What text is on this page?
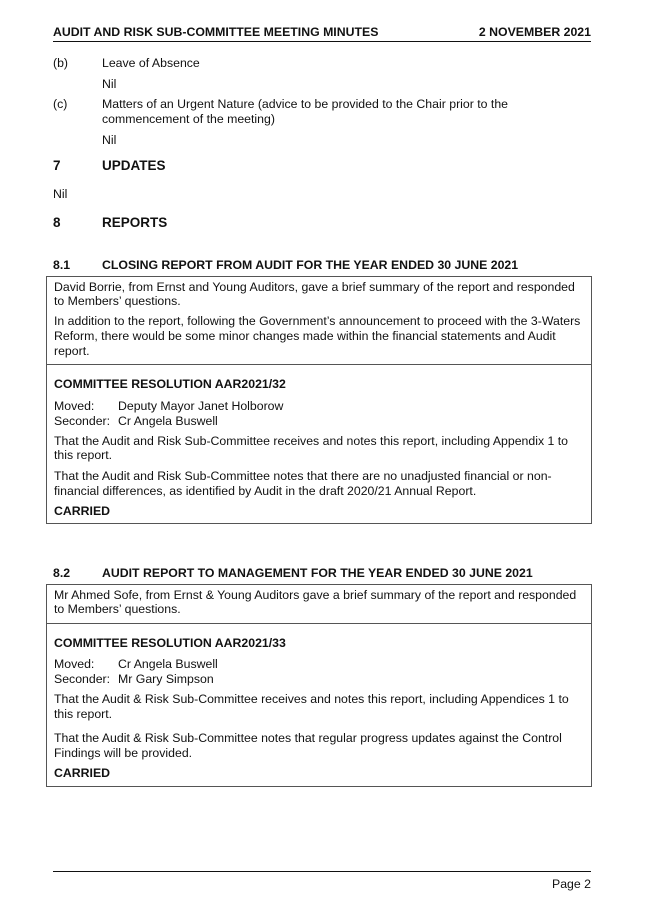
AUDIT AND RISK SUB-COMMITTEE MEETING MINUTES	2 NOVEMBER 2021
(b)	Leave of Absence
Nil
(c)	Matters of an Urgent Nature (advice to be provided to the Chair prior to the
commencement of the meeting)
Nil
7	UPDATES
Nil
8	REPORTS
8.1	CLOSING REPORT FROM AUDIT FOR THE YEAR ENDED 30 JUNE 2021
David Borrie, from Ernst and Young Auditors, gave a brief summary of the report and responded
to Members’ questions.
In addition to the report, following the Government’s announcement to proceed with the 3-Waters
Reform, there would be some minor changes made within the financial statements and Audit
report.
COMMITTEE RESOLUTION AAR2021/32
Moved: Deputy Mayor Janet Holborow
Seconder: Cr Angela Buswell
That the Audit and Risk Sub-Committee receives and notes this report, including Appendix 1 to
this report.
That the Audit and Risk Sub-Committee notes that there are no unadjusted financial or non-
financial differences, as identified by Audit in the draft 2020/21 Annual Report.
CARRIED
8.2	AUDIT REPORT TO MANAGEMENT FOR THE YEAR ENDED 30 JUNE 2021
Mr Ahmed Sofe, from Ernst & Young Auditors gave a brief summary of the report and responded
to Members’ questions.
COMMITTEE RESOLUTION AAR2021/33
Moved: Cr Angela Buswell
Seconder: Mr Gary Simpson
That the Audit & Risk Sub-Committee receives and notes this report, including Appendices 1 to
this report.
That the Audit & Risk Sub-Committee notes that regular progress updates against the Control
Findings will be provided.
CARRIED
Page 2
